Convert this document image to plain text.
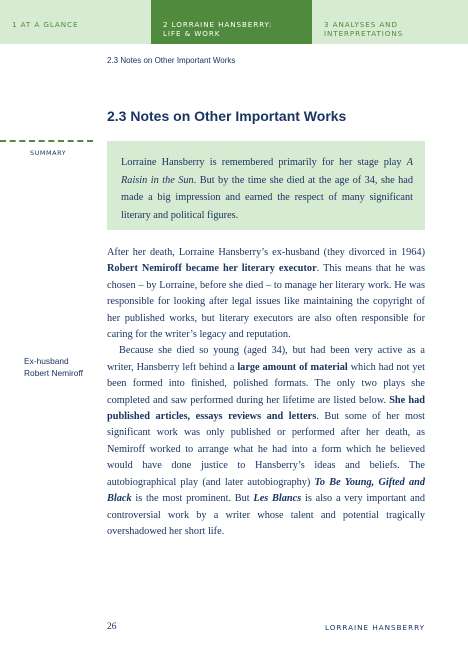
1 AT A GLANCE	2 LORRAINE HANSBERRY:
LIFE & WORK
3 ANALYSES AND
INTERPRETATIONS

2.3 Notes on Other Important Works

2.3 Notes on Other Important Works

SUMMARY

Lorraine Hansberry is remembered primarily for her stage play A Raisin in the Sun. But by the time she died at the age of 34, she had made a big impression and earned the respect of many significant literary and political figures.

Ex-husband
Robert Nemiroff

After her death, Lorraine Hansberry’s ex-husband (they divorced in 1964) Robert Nemiroff became her literary executor. This means that he was chosen – by Lorraine, before she died – to manage her literary work. He was responsible for looking after legal issues like maintaining the copyright of her published works, but literary executors are also often responsible for caring for the writer’s legacy and reputation.

Because she died so young (aged 34), but had been very active as a writer, Hansberry left behind a large amount of material which had not yet been formed into finished, polished formats. The only two plays she completed and saw performed during her lifetime are listed below. She had published articles, essays reviews and letters. But some of her most significant work was only published or performed after her death, as Nemiroff worked to arrange what he had into a form which he believed would have done justice to Hansberry’s ideas and beliefs. The autobiographical play (and later autobiography) To Be Young, Gifted and Black is the most prominent. But Les Blancs is also a very important and controversial work by a writer whose talent and potential tragically overshadowed her short life.

26	LORRAINE HANSBERRY
